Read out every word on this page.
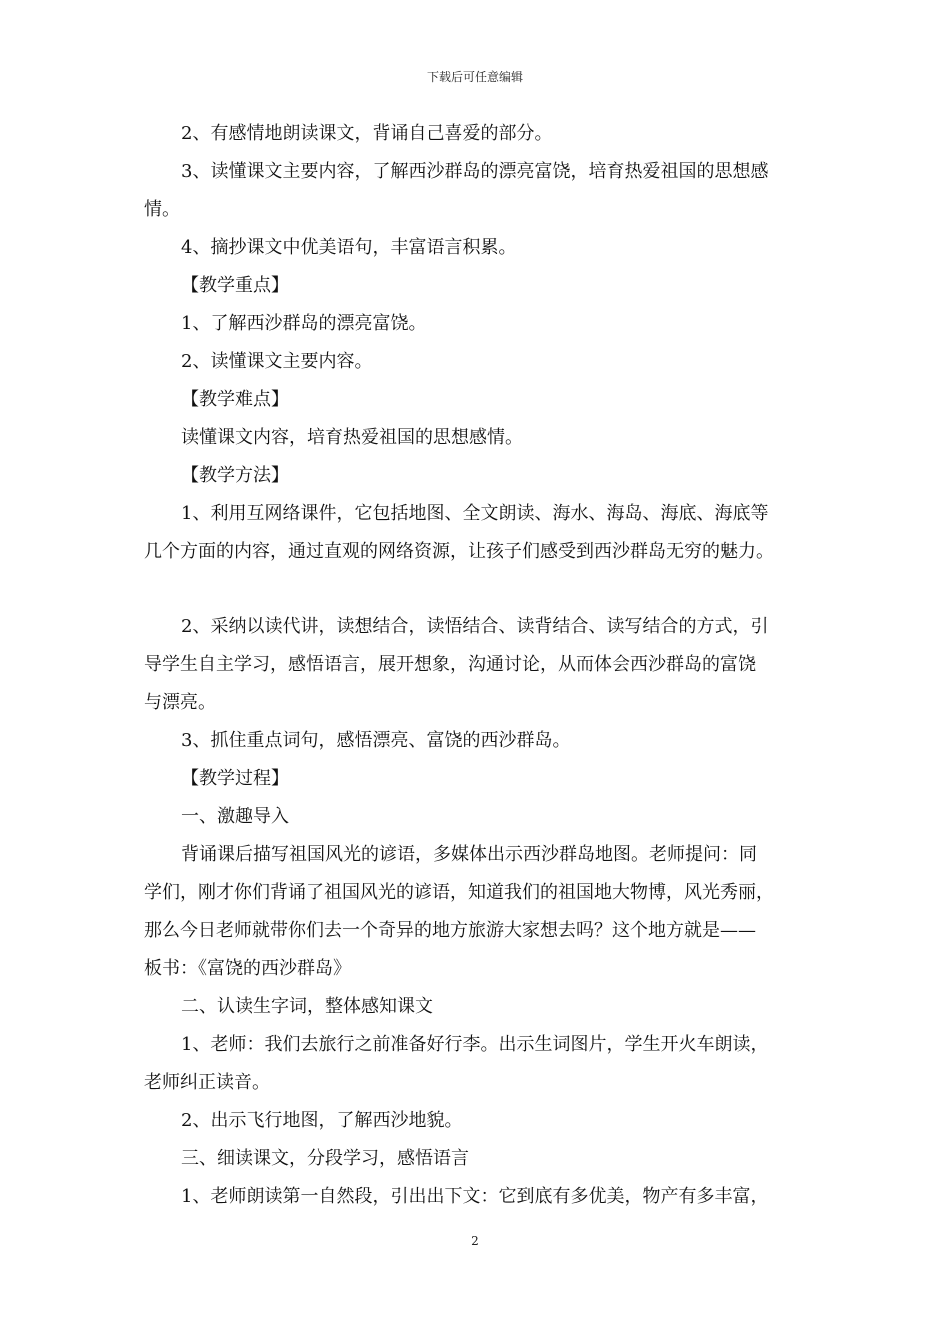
下载后可任意编辑
2、有感情地朗读课文，背诵自己喜爱的部分。
3、读懂课文主要内容，了解西沙群岛的漂亮富饶，培育热爱祖国的思想感
情。
4、摘抄课文中优美语句，丰富语言积累。
【教学重点】
1、了解西沙群岛的漂亮富饶。
2、读懂课文主要内容。
【教学难点】
读懂课文内容，培育热爱祖国的思想感情。
【教学方法】
1、利用互网络课件，它包括地图、全文朗读、海水、海岛、海底、海底等
几个方面的内容，通过直观的网络资源，让孩子们感受到西沙群岛无穷的魅力。
2、采纳以读代讲，读想结合，读悟结合、读背结合、读写结合的方式，引
导学生自主学习，感悟语言，展开想象，沟通讨论，从而体会西沙群岛的富饶
与漂亮。
3、抓住重点词句，感悟漂亮、富饶的西沙群岛。
【教学过程】
一、激趣导入
背诵课后描写祖国风光的谚语，多媒体出示西沙群岛地图。老师提问：同
学们，刚才你们背诵了祖国风光的谚语，知道我们的祖国地大物博，风光秀丽，
那么今日老师就带你们去一个奇异的地方旅游大家想去吗？这个地方就是——
板书：《富饶的西沙群岛》
二、认读生字词，整体感知课文
1、老师：我们去旅行之前准备好行李。出示生词图片，学生开火车朗读，
老师纠正读音。
2、出示飞行地图，了解西沙地貌。
三、细读课文，分段学习，感悟语言
1、老师朗读第一自然段，引出出下文：它到底有多优美，物产有多丰富，
2
